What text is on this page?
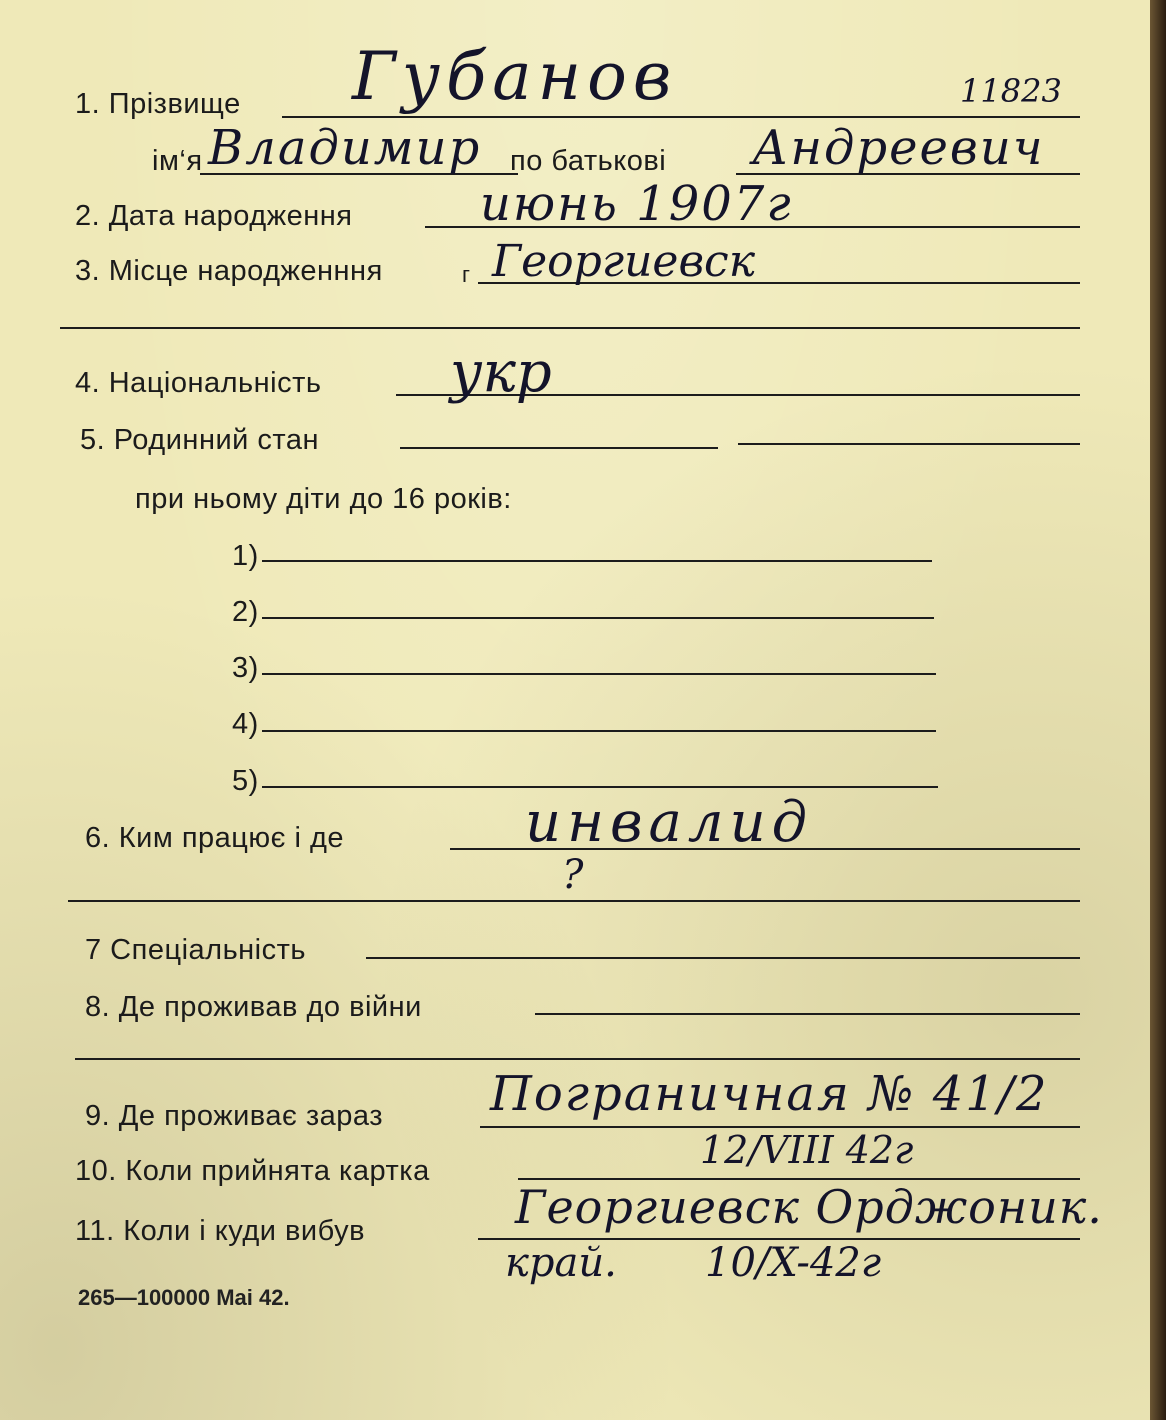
1. Прізвище Губанов	11823
ім‘я Владимир по батькові Андреевич
2. Дата народження	июнь 1907г
3. Місце народженння	г Георгиевск
4. Національність укр
5. Родинний стан
при ньому діти до 16 років:
1)
2)
3)
4)
5)
6. Ким працює і де	инвалид
?
7 Спеціальність
8. Де проживав до війни
9. Де проживає зараз Пограничная № 41/2
10. Коли прийнята картка	12/VIII 42г
11. Коли і куди вибув	Георгиевск Орджоник.
край. 10/X-42г
265—100000 Mai 42.
